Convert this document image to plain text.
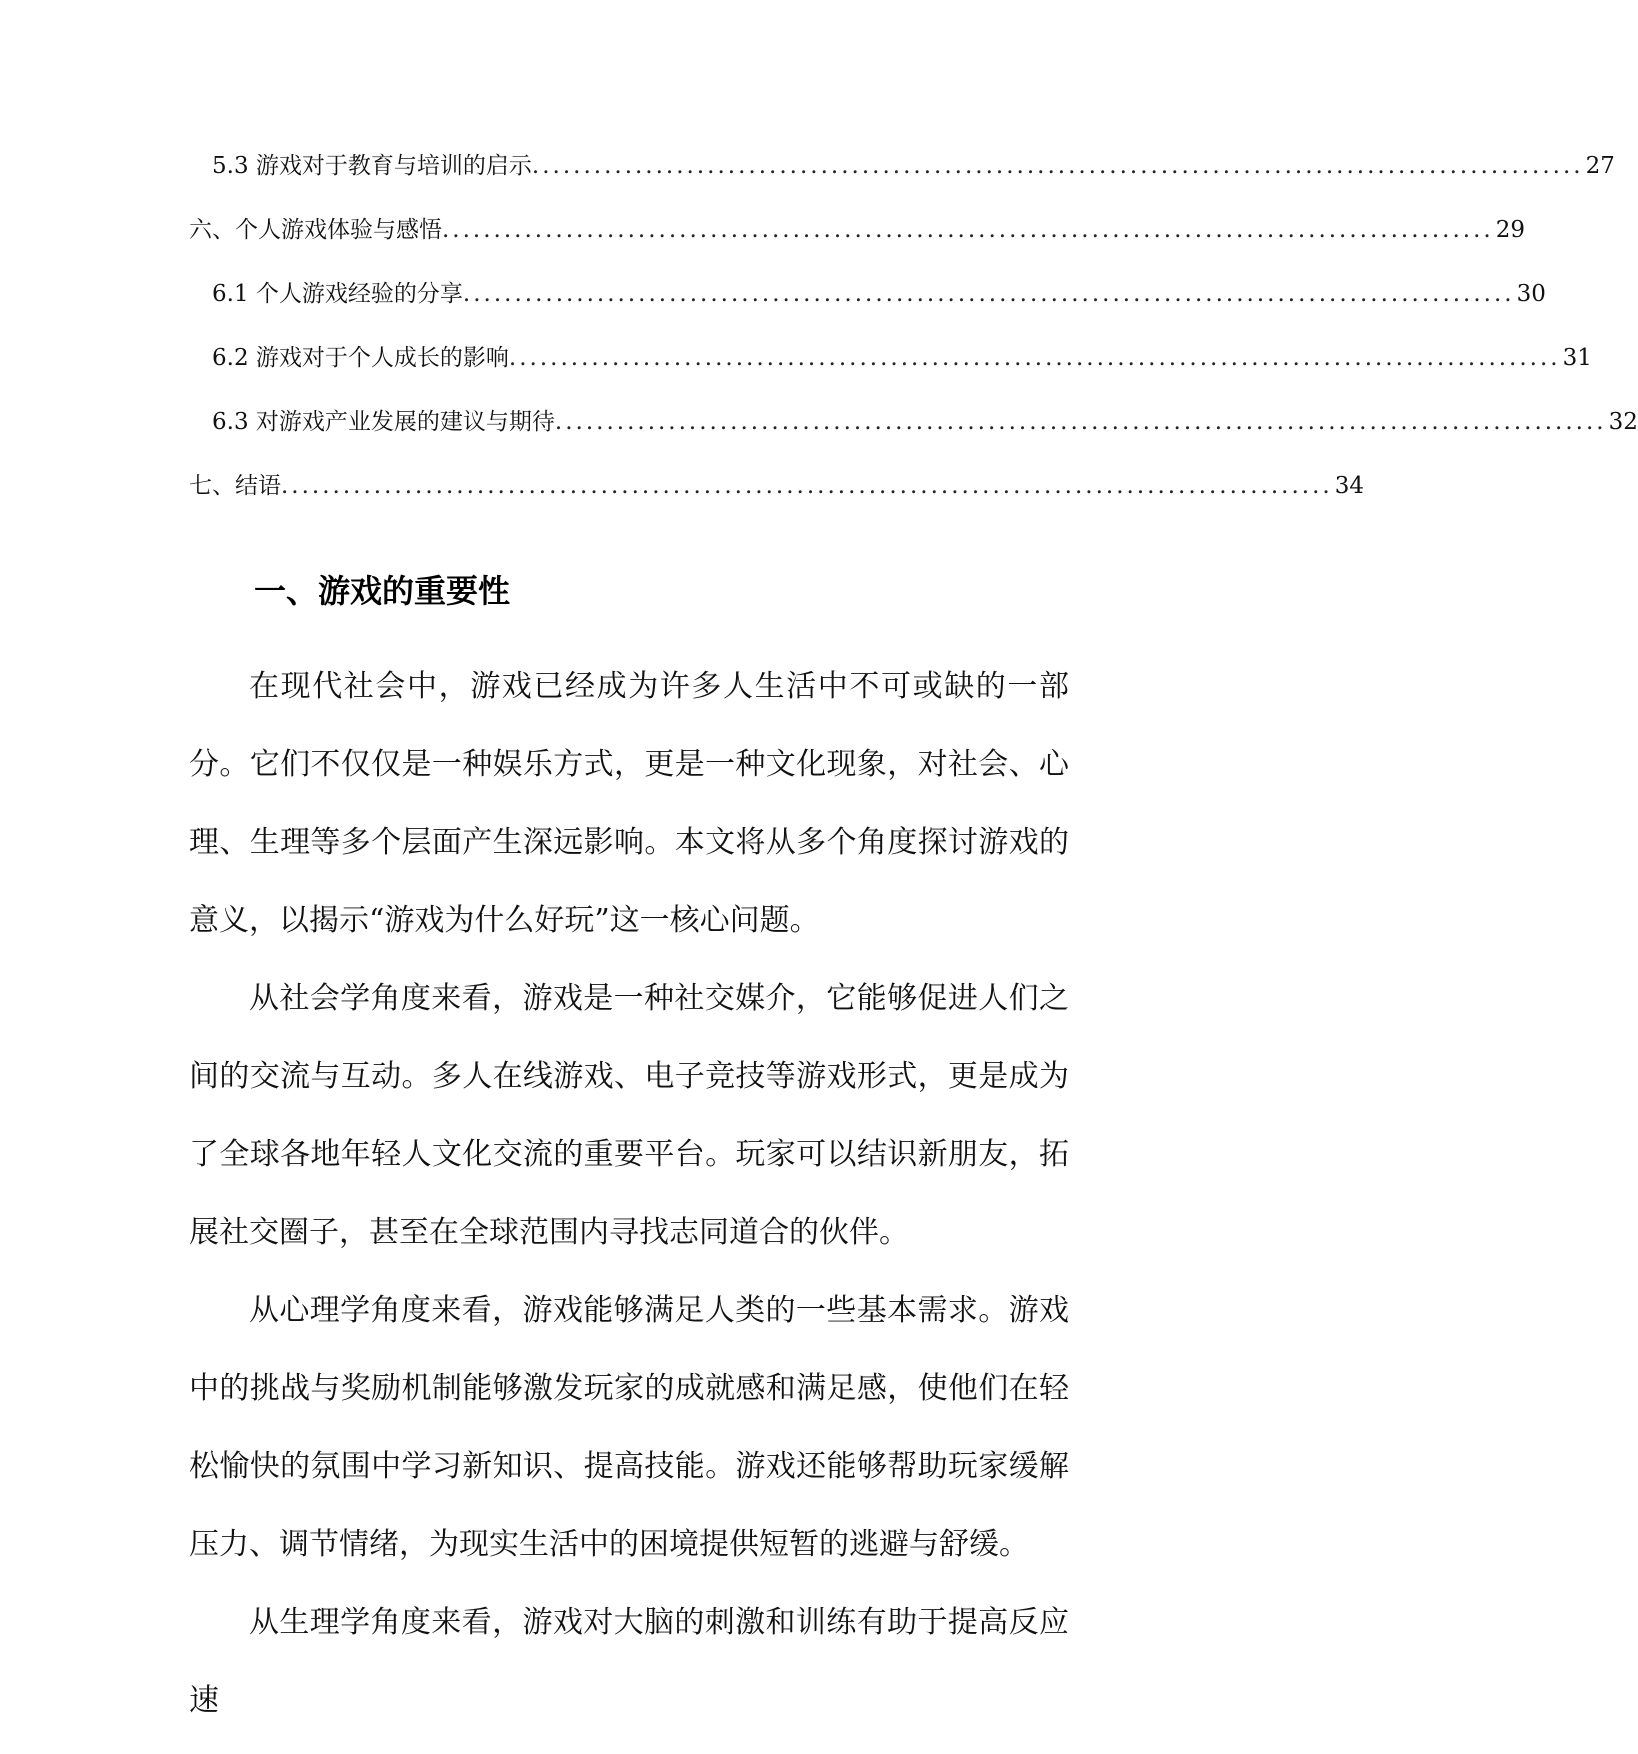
5.3 游戏对于教育与培训的启示 ...................................................................................................... 27
六、个人游戏体验与感悟 ...................................................................................................... 29
6.1 个人游戏经验的分享 ...................................................................................................... 30
6.2 游戏对于个人成长的影响 ...................................................................................................... 31
6.3 对游戏产业发展的建议与期待 ...................................................................................................... 32
七、结语 ...................................................................................................... 34
一、游戏的重要性

在现代社会中，游戏已经成为许多人生活中不可或缺的一部分。它们不仅仅是一种娱乐方式，更是一种文化现象，对社会、心理、生理等多个层面产生深远影响。本文将从多个角度探讨游戏的意义，以揭示“游戏为什么好玩”这一核心问题。

从社会学角度来看，游戏是一种社交媒介，它能够促进人们之间的交流与互动。多人在线游戏、电子竞技等游戏形式，更是成为了全球各地年轻人文化交流的重要平台。玩家可以结识新朋友，拓展社交圈子，甚至在全球范围内寻找志同道合的伙伴。

从心理学角度来看，游戏能够满足人类的一些基本需求。游戏中的挑战与奖励机制能够激发玩家的成就感和满足感，使他们在轻松愉快的氛围中学习新知识、提高技能。游戏还能够帮助玩家缓解压力、调节情绪，为现实生活中的困境提供短暂的逃避与舒缓。

从生理学角度来看，游戏对大脑的刺激和训练有助于提高反应速
